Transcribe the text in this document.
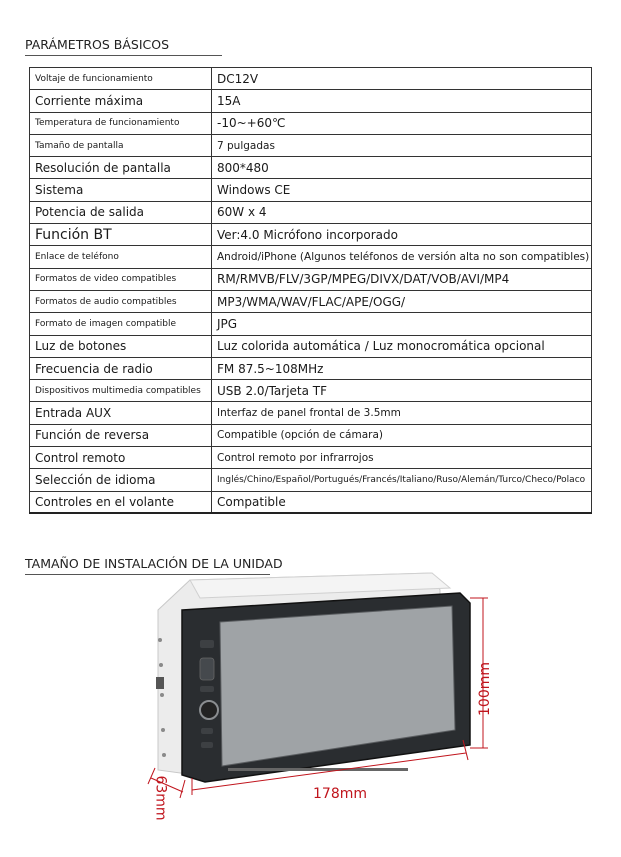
PARÁMETROS BÁSICOS
Voltaje de funcionamiento	DC12V
Corriente máxima	15A
Temperatura de funcionamiento	-10~+60℃
Tamaño de pantalla	7 pulgadas
Resolución de pantalla	800*480
Sistema	Windows CE
Potencia de salida	60W x 4
Función BT	Ver:4.0 Micrófono incorporado
Enlace de teléfono	Android/iPhone (Algunos teléfonos de versión alta no son compatibles)
Formatos de video compatibles	RM/RMVB/FLV/3GP/MPEG/DIVX/DAT/VOB/AVI/MP4
Formatos de audio compatibles	MP3/WMA/WAV/FLAC/APE/OGG/
Formato de imagen compatible	JPG
Luz de botones	Luz colorida automática / Luz monocromática opcional
Frecuencia de radio	FM 87.5~108MHz
Dispositivos multimedia compatibles	USB 2.0/Tarjeta TF
Entrada AUX	Interfaz de panel frontal de 3.5mm
Función de reversa	Compatible (opción de cámara)
Control remoto	Control remoto por infrarrojos
Selección de idioma	Inglés/Chino/Español/Portugués/Francés/Italiano/Ruso/Alemán/Turco/Checo/Polaco
Controles en el volante	Compatible
TAMAÑO DE INSTALACIÓN DE LA UNIDAD
100mm
178mm
63mm
